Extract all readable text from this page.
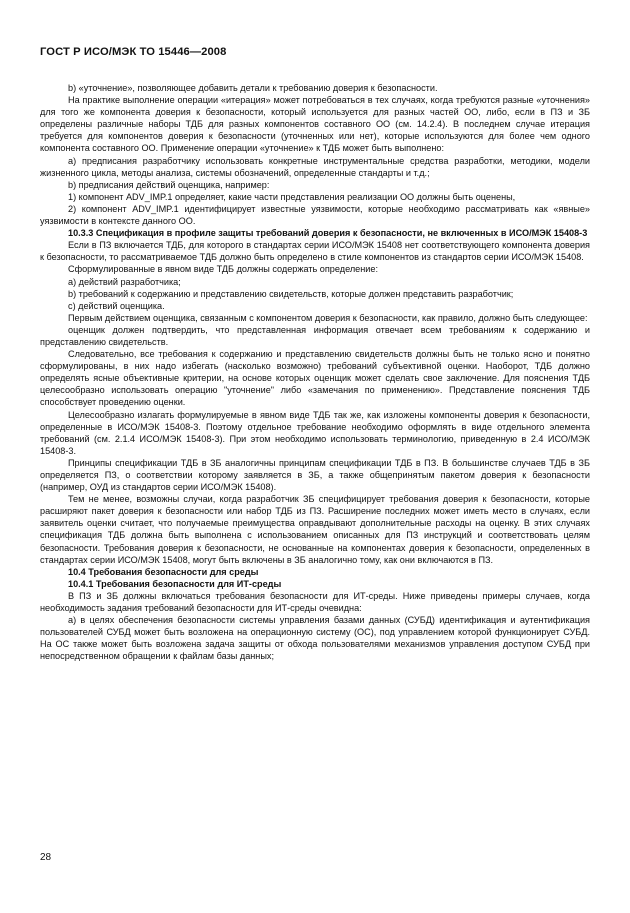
ГОСТ Р ИСО/МЭК ТО 15446—2008

b) «уточнение», позволяющее добавить детали к требованию доверия к безопасности.

На практике выполнение операции «итерация» может потребоваться в тех случаях, когда требуются разные «уточнения» для того же компонента доверия к безопасности, который используется для разных частей ОО, либо, если в ПЗ и ЗБ определены различные наборы ТДБ для разных компонентов составного ОО (см. 14.2.4). В последнем случае итерация требуется для компонентов доверия к безопасности (уточненных или нет), которые используются для более чем одного компонента составного ОО. Применение операции «уточнение» к ТДБ может быть выполнено:

а) предписания разработчику использовать конкретные инструментальные средства разработки, методики, модели жизненного цикла, методы анализа, системы обозначений, определенные стандарты и т.д.;

b) предписания действий оценщика, например:

1) компонент ADV_IMP.1 определяет, какие части представления реализации ОО должны быть оценены,

2) компонент ADV_IMP.1 идентифицирует известные уязвимости, которые необходимо рассматривать как «явные» уязвимости в контексте данного ОО.

10.3.3 Спецификация в профиле защиты требований доверия к безопасности, не включенных в ИСО/МЭК 15408-3

Если в ПЗ включается ТДБ, для которого в стандартах серии ИСО/МЭК 15408 нет соответствующего компонента доверия к безопасности, то рассматриваемое ТДБ должно быть определено в стиле компонентов из стандартов серии ИСО/МЭК 15408.

Сформулированные в явном виде ТДБ должны содержать определение:

а) действий разработчика;

b) требований к содержанию и представлению свидетельств, которые должен представить разработчик;

с) действий оценщика.

Первым действием оценщика, связанным с компонентом доверия к безопасности, как правило, должно быть следующее:

оценщик должен подтвердить, что представленная информация отвечает всем требованиям к содержанию и представлению свидетельств.

Следовательно, все требования к содержанию и представлению свидетельств должны быть не только ясно и понятно сформулированы, в них надо избегать (насколько возможно) требований субъективной оценки. Наоборот, ТДБ должно определять ясные объективные критерии, на основе которых оценщик может сделать свое заключение. Для пояснения ТДБ целесообразно использовать операцию "уточнение" либо «замечания по применению». Представление пояснения ТДБ способствует проведению оценки.

Целесообразно излагать формулируемые в явном виде ТДБ так же, как изложены компоненты доверия к безопасности, определенные в ИСО/МЭК 15408-3. Поэтому отдельное требование необходимо оформлять в виде отдельного элемента требований (см. 2.1.4 ИСО/МЭК 15408-3). При этом необходимо использовать терминологию, приведенную в 2.4 ИСО/МЭК 15408-3.

Принципы спецификации ТДБ в ЗБ аналогичны принципам спецификации ТДБ в ПЗ. В большинстве случаев ТДБ в ЗБ определяется ПЗ, о соответствии которому заявляется в ЗБ, а также общепринятым пакетом доверия к безопасности (например, ОУД из стандартов серии ИСО/МЭК 15408).

Тем не менее, возможны случаи, когда разработчик ЗБ специфицирует требования доверия к безопасности, которые расширяют пакет доверия к безопасности или набор ТДБ из ПЗ. Расширение последних может иметь место в случаях, если заявитель оценки считает, что получаемые преимущества оправдывают дополнительные расходы на оценку. В этих случаях спецификация ТДБ должна быть выполнена с использованием описанных для ПЗ инструкций и соответствовать целям безопасности. Требования доверия к безопасности, не основанные на компонентах доверия к безопасности, определенных в стандартах серии ИСО/МЭК 15408, могут быть включены в ЗБ аналогично тому, как они включаются в ПЗ.

10.4 Требования безопасности для среды

10.4.1 Требования безопасности для ИТ-среды

В ПЗ и ЗБ должны включаться требования безопасности для ИТ-среды. Ниже приведены примеры случаев, когда необходимость задания требований безопасности для ИТ-среды очевидна:

а) в целях обеспечения безопасности системы управления базами данных (СУБД) идентификация и аутентификация пользователей СУБД может быть возложена на операционную систему (ОС), под управлением которой функционирует СУБД. На ОС также может быть возложена задача защиты от обхода пользователями механизмов управления доступом СУБД при непосредственном обращении к файлам базы данных;

28
